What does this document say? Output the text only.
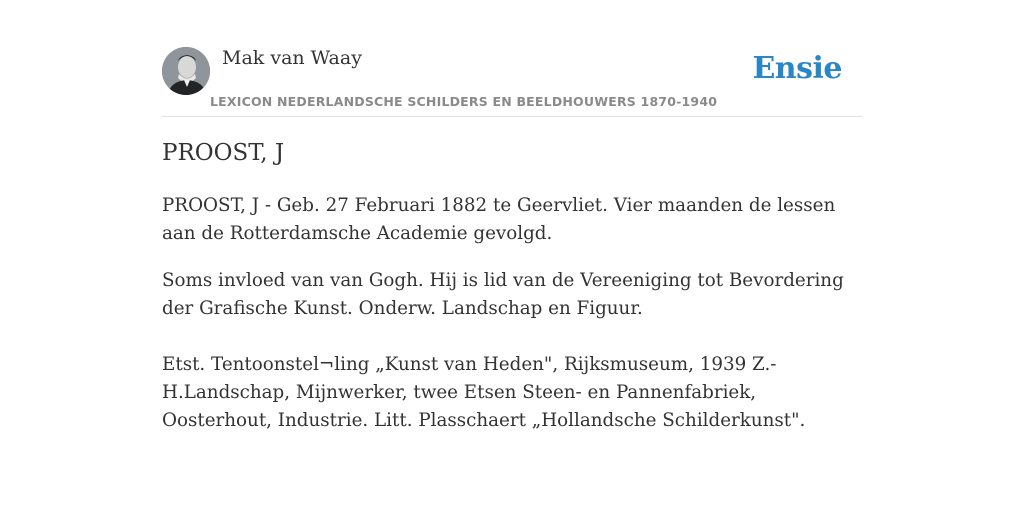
Mak van Waay
LEXICON NEDERLANDSCHE SCHILDERS EN BEELDHOUWERS 1870-1940
Ensie
PROOST, J

PROOST, J - Geb. 27 Februari 1882 te Geervliet. Vier maanden de lessen aan de Rotterdamsche Academie gevolgd.

Soms invloed van van Gogh. Hij is lid van de Vereeniging tot Bevordering der Grafische Kunst. Onderw. Landschap en Figuur.

Etst. Tentoonstel¬ling „Kunst van Heden", Rijksmuseum, 1939 Z.-H.Landschap, Mijnwerker, twee Etsen Steen- en Pannenfabriek, Oosterhout, Industrie. Litt. Plasschaert „Hollandsche Schilderkunst".
